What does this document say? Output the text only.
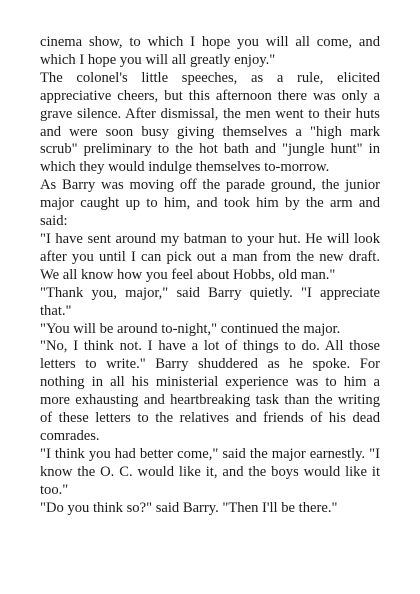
cinema show, to which I hope you will all come, and which I hope you will all greatly enjoy."

The colonel's little speeches, as a rule, elicited appreciative cheers, but this afternoon there was only a grave silence. After dismissal, the men went to their huts and were soon busy giving themselves a "high mark scrub" preliminary to the hot bath and "jungle hunt" in which they would indulge themselves to-morrow.

As Barry was moving off the parade ground, the junior major caught up to him, and took him by the arm and said:

"I have sent around my batman to your hut. He will look after you until I can pick out a man from the new draft. We all know how you feel about Hobbs, old man."

"Thank you, major," said Barry quietly. "I appreciate that."

"You will be around to-night," continued the major.

"No, I think not. I have a lot of things to do. All those letters to write." Barry shuddered as he spoke. For nothing in all his ministerial experience was to him a more exhausting and heartbreaking task than the writing of these letters to the relatives and friends of his dead comrades.

"I think you had better come," said the major earnestly. "I know the O. C. would like it, and the boys would like it too."

"Do you think so?" said Barry. "Then I'll be there."
